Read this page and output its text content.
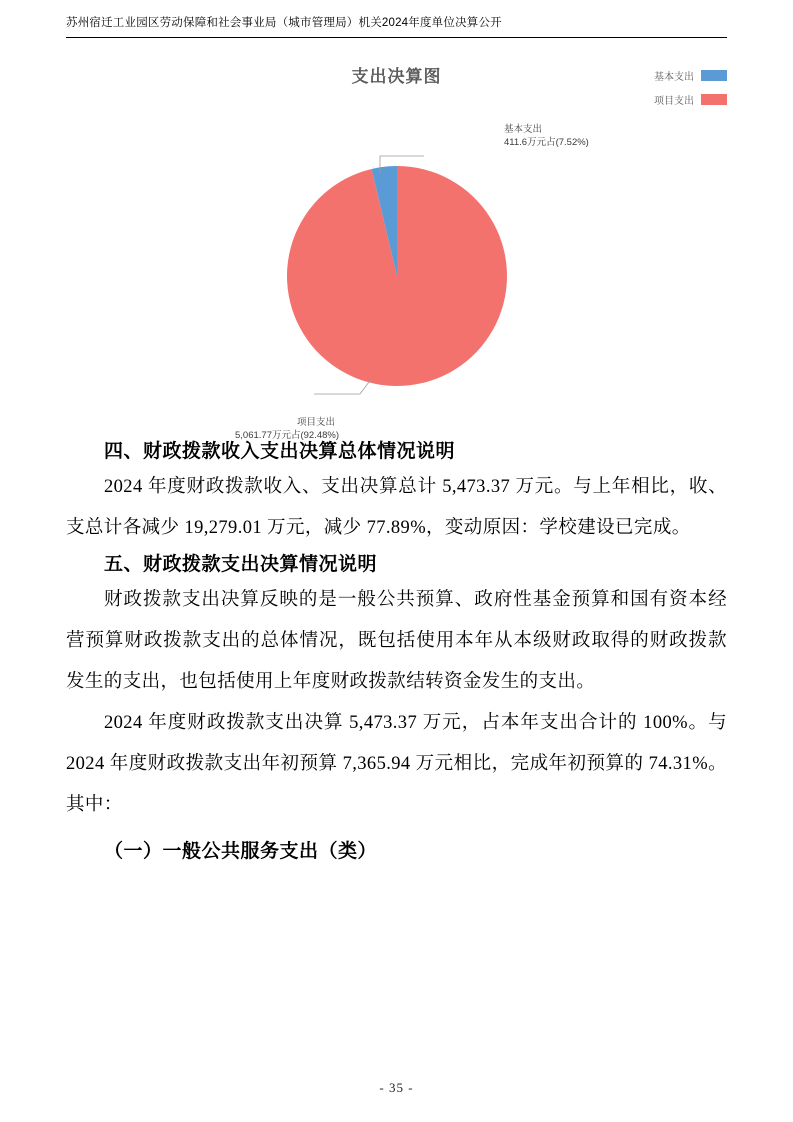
苏州宿迁工业园区劳动保障和社会事业局（城市管理局）机关2024年度单位决算公开
支出决算图	基本支出
项目支出
基本支出
411.6万元占(7.52%)
项目支出
5,061.77万元占(92.48%)
四、财政拨款收入支出决算总体情况说明

2024 年度财政拨款收入、支出决算总计 5,473.37 万元。与上年相比，收、支总计各减少 19,279.01 万元，减少 77.89%，变动原因：学校建设已完成。

五、财政拨款支出决算情况说明

财政拨款支出决算反映的是一般公共预算、政府性基金预算和国有资本经营预算财政拨款支出的总体情况，既包括使用本年从本级财政取得的财政拨款发生的支出，也包括使用上年度财政拨款结转资金发生的支出。

2024 年度财政拨款支出决算 5,473.37 万元，占本年支出合计的 100%。与 2024 年度财政拨款支出年初预算 7,365.94 万元相比，完成年初预算的 74.31%。其中：

（一）一般公共服务支出（类）

- 35 -
